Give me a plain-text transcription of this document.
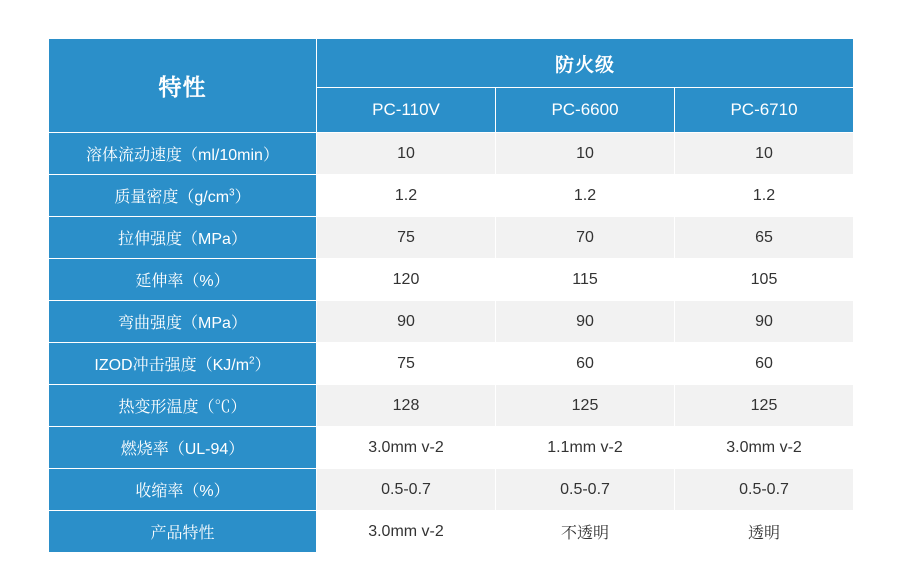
特性	防火级		
	PC-110V	PC-6600	PC-6710
溶体流动速度（ml/10min）	10	10	10
质量密度$(g/cm^3)$	1.2	1.2	1.2
拉伸强度（MPa）	75	70	65
延伸率（%）	120	115	105
弯曲强度（MPa）	90	90	90
IZOD冲击强度$(KJ/m^2)$	75	60	60
热变形温度（℃）	128	125	125
燃烧率（UL-94）	3.0mm v-2	1.1mm v-2	3.0mm v-2
收缩率（%）	0.5-0.7	0.5-0.7	0.5-0.7
产品特性	3.0mm v-2	不透明	透明
